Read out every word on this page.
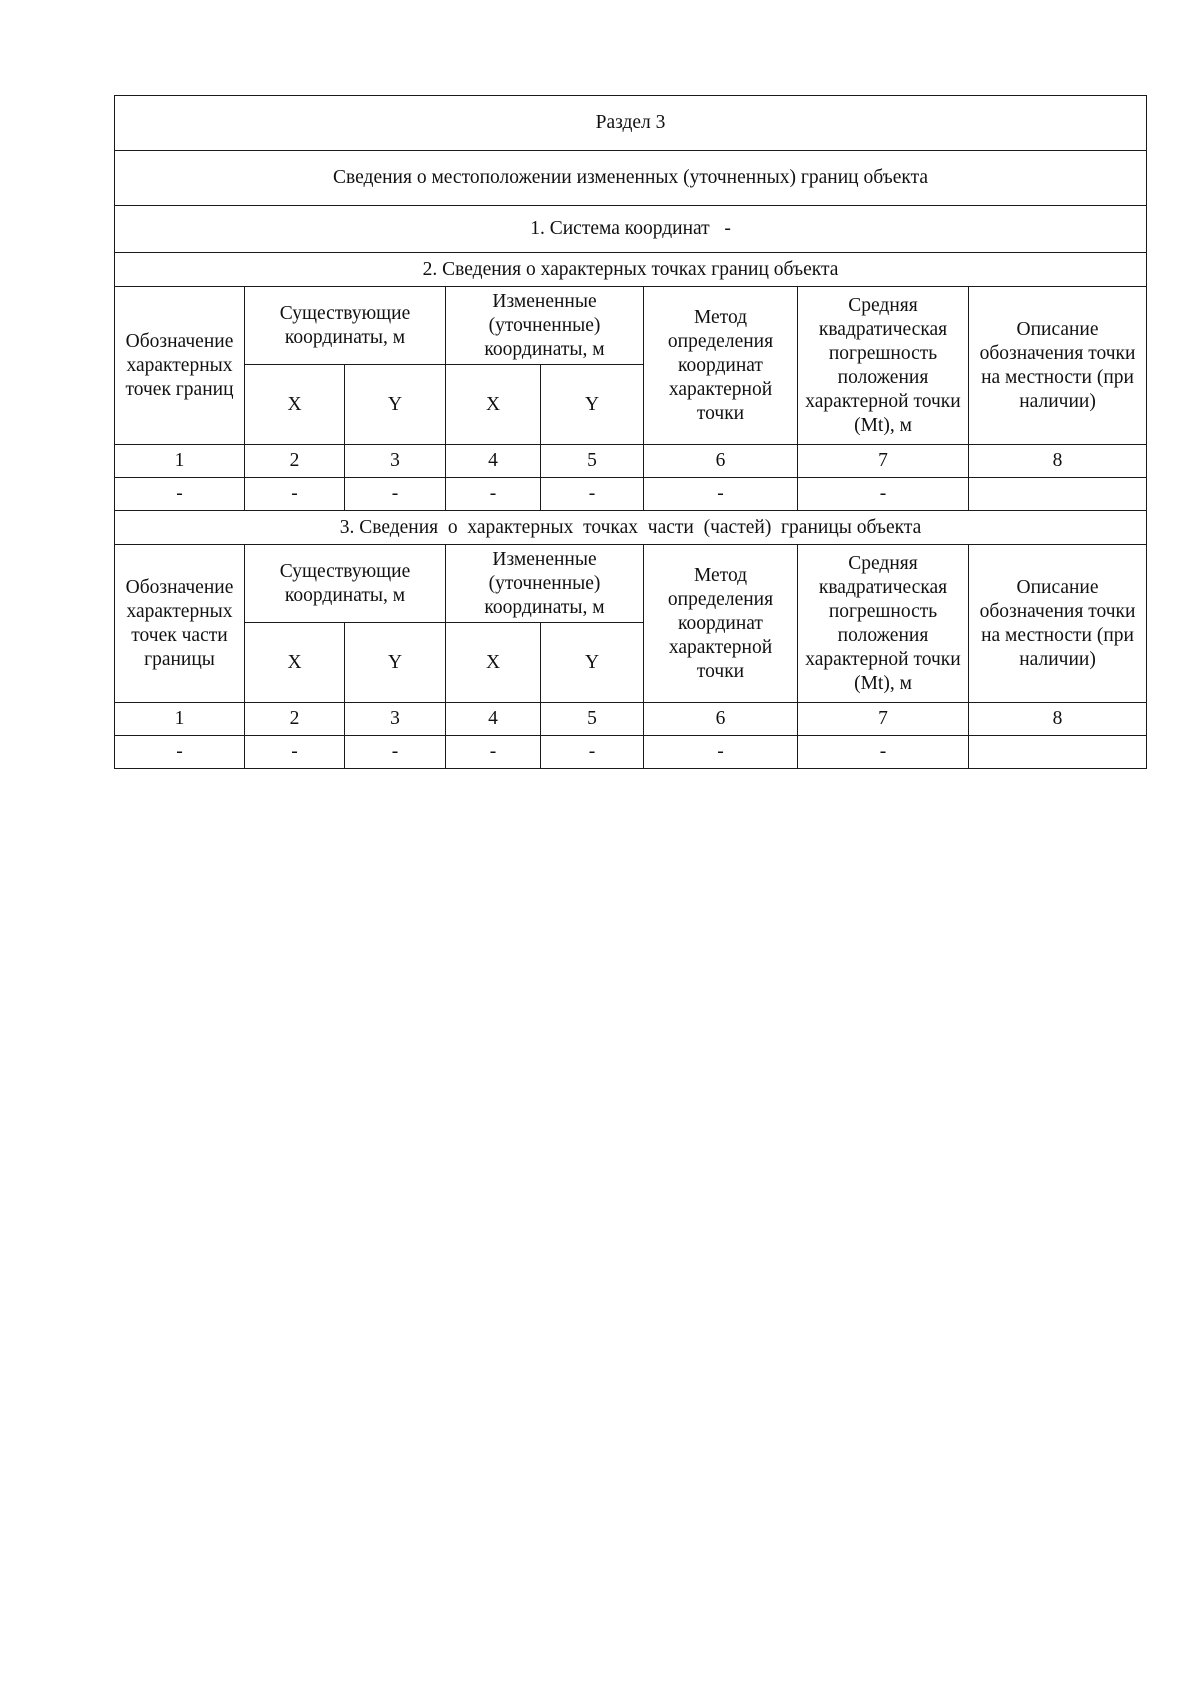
Раздел 3							
Сведения о местоположении измененных (уточненных) границ объекта							
1. Система координат -							
2. Сведения о характерных точках границ объекта							
Обозначение характерных точек границ	Существующие координаты, м		Измененные (уточненные) координаты, м		Метод определения координат характерной точки	Средняя квадратическая погрешность положения характерной точки (Mt), м	Описание обозначения точки на местности (при наличии)
	X	Y	X	Y			
1	2	3	4	5	6	7	8
-	-	-	-	-	-	-	
3. Сведения  о  характерных  точках  части  (частей)  границы объекта							
Обозначение характерных точек части границы	Существующие координаты, м		Измененные (уточненные) координаты, м		Метод определения координат характерной точки	Средняя квадратическая погрешность положения характерной точки (Mt), м	Описание обозначения точки на местности (при наличии)
	X	Y	X	Y			
1	2	3	4	5	6	7	8
-	-	-	-	-	-	-	
